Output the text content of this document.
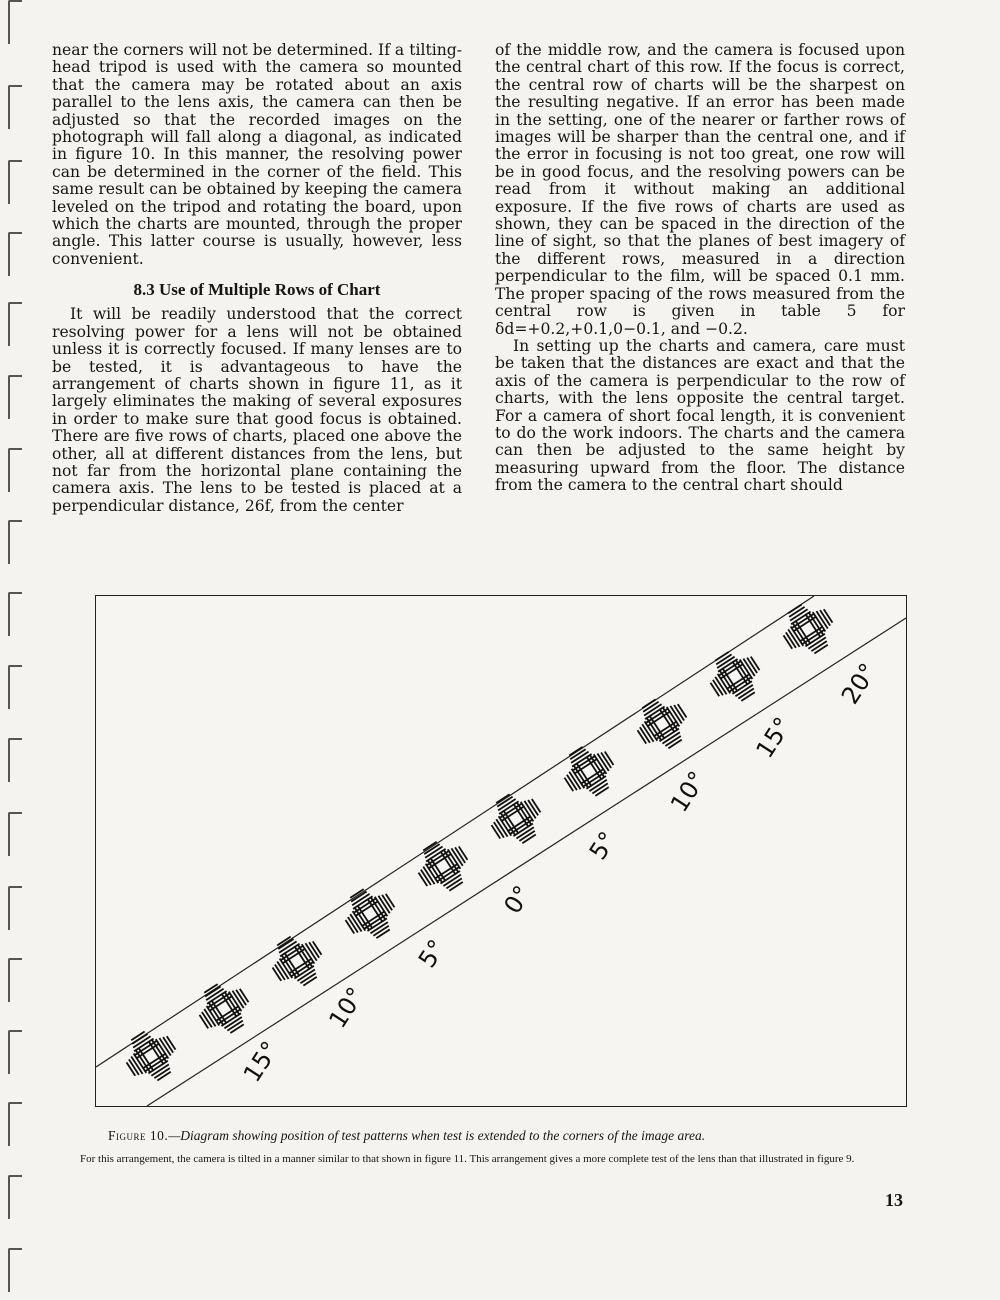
near the corners will not be determined. If a tilting-head tripod is used with the camera so mounted that the camera may be rotated about an axis parallel to the lens axis, the camera can then be adjusted so that the recorded images on the photograph will fall along a diagonal, as indicated in figure 10. In this manner, the resolving power can be determined in the corner of the field. This same result can be obtained by keeping the camera leveled on the tripod and rotating the board, upon which the charts are mounted, through the proper angle. This latter course is usually, however, less convenient.

8.3 Use of Multiple Rows of Chart

It will be readily understood that the correct resolving power for a lens will not be obtained unless it is correctly focused. If many lenses are to be tested, it is advantageous to have the arrangement of charts shown in figure 11, as it largely eliminates the making of several exposures in order to make sure that good focus is obtained. There are five rows of charts, placed one above the other, all at different distances from the lens, but not far from the horizontal plane containing the camera axis. The lens to be tested is placed at a perpendicular distance, 26f, from the center

of the middle row, and the camera is focused upon the central chart of this row. If the focus is correct, the central row of charts will be the sharpest on the resulting negative. If an error has been made in the setting, one of the nearer or farther rows of images will be sharper than the central one, and if the error in focusing is not too great, one row will be in good focus, and the resolving powers can be read from it without making an additional exposure. If the five rows of charts are used as shown, they can be spaced in the direction of the line of sight, so that the planes of best imagery of the different rows, measured in a direction perpendicular to the film, will be spaced 0.1 mm. The proper spacing of the rows measured from the central row is given in table 5 for δd=+0.2,+0.1,0−0.1, and −0.2.

In setting up the charts and camera, care must be taken that the distances are exact and that the axis of the camera is perpendicular to the row of charts, with the lens opposite the central target. For a camera of short focal length, it is convenient to do the work indoors. The charts and the camera can then be adjusted to the same height by measuring upward from the floor. The distance from the camera to the central chart should

15°
10°
5°
0°
5°
10°
15°
20°
Figure 10.—Diagram showing position of test patterns when test is extended to the corners of the image area.
For this arrangement, the camera is tilted in a manner similar to that shown in figure 11. This arrangement gives a more complete test of the lens than that illustrated in figure 9.
13
